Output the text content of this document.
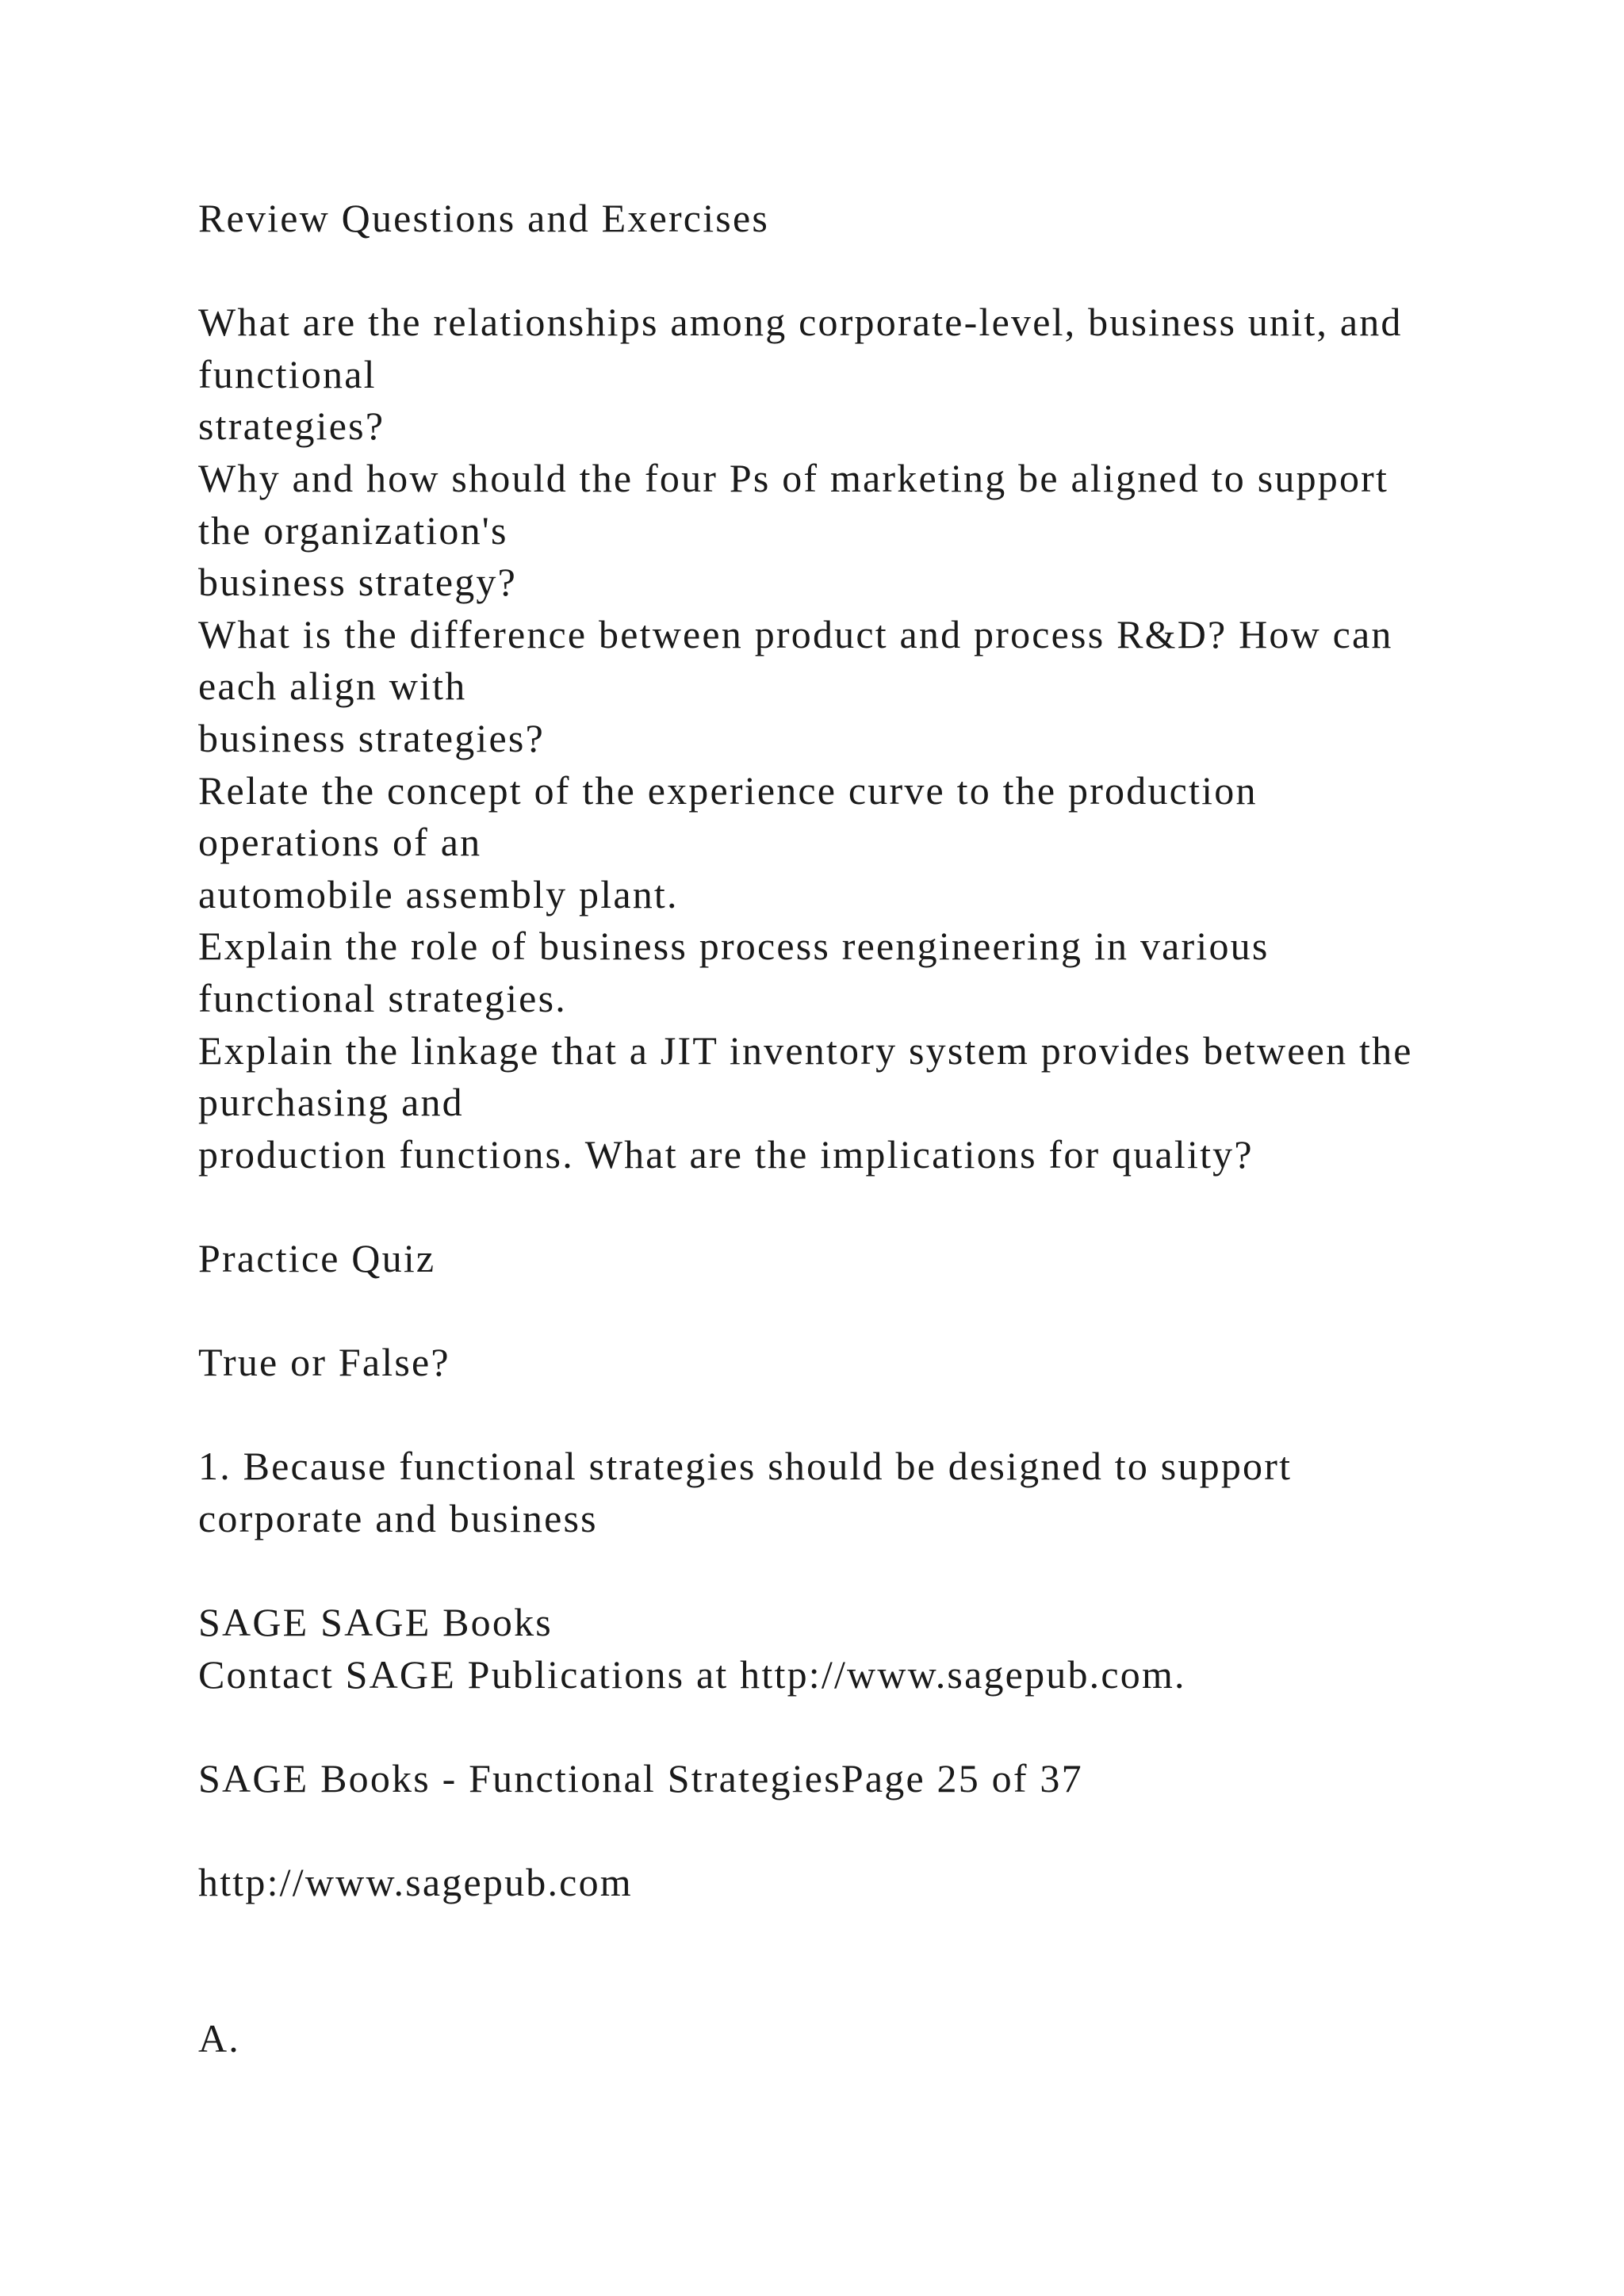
Review Questions and Exercises
What are the relationships among corporate-level, business unit, and functional
strategies?
Why and how should the four Ps of marketing be aligned to support the organization's
business strategy?
What is the difference between product and process R&D? How can each align with
business strategies?
Relate the concept of the experience curve to the production operations of an
automobile assembly plant.
Explain the role of business process reengineering in various functional strategies.
Explain the linkage that a JIT inventory system provides between the purchasing and
production functions. What are the implications for quality?
Practice Quiz
True or False?
1. Because functional strategies should be designed to support corporate and business
SAGE SAGE Books
Contact SAGE Publications at http://www.sagepub.com.
SAGE Books - Functional StrategiesPage 25 of 37
http://www.sagepub.com
A.
